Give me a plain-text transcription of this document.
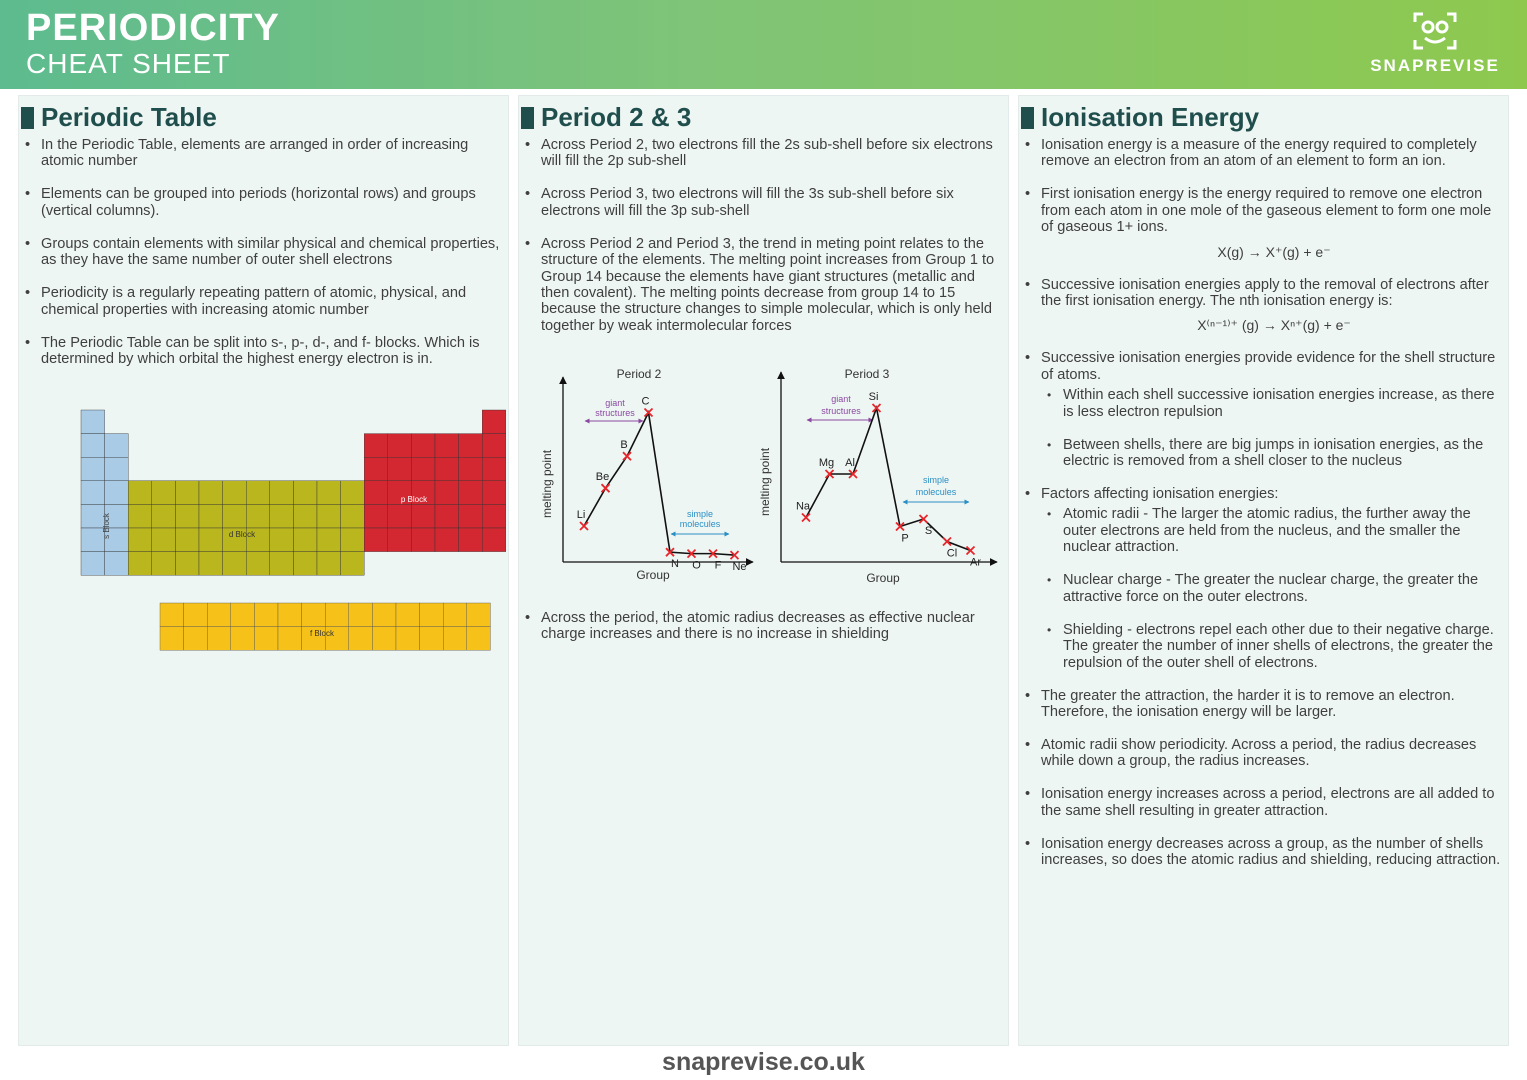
PERIODICITY
CHEAT SHEET	SNAPREVISE
Periodic Table
• In the Periodic Table, elements are arranged in order of increasing atomic number
• Elements can be grouped into periods (horizontal rows) and groups (vertical columns).
• Groups contain elements with similar physical and chemical properties, as they have the same number of outer shell electrons
• Periodicity is a regularly repeating pattern of atomic, physical, and chemical properties with increasing atomic number
• The Periodic Table can be split into s-, p-, d-, and f- blocks. Which is determined by which orbital the highest energy electron is in.
s Block	d Block
p Block
f Block
Period 2 & 3
• Across Period 2, two electrons fill the 2s sub-shell before six electrons will fill the 2p sub-shell
• Across Period 3, two electrons will fill the 3s sub-shell before six electrons will fill the 3p sub-shell
• Across Period 2 and Period 3, the trend in meting point relates to the structure of the elements. The melting point increases from Group 1 to Group 14 because the elements have giant structures (metallic and then covalent). The melting points decrease from group 14 to 15 because the structure changes to simple molecular, which is only held together by weak intermolecular forces
Period 2
melting point
Group
giant
structures
simple
molecules
Li
Be
B
C
N O F Ne
Period 3
melting point
Group
giant
structures
simple
molecules
Na
Mg Al
Si
P
S
Cl
Ar
• Across the period, the atomic radius decreases as effective nuclear charge increases and there is no increase in shielding
Ionisation Energy
• Ionisation energy is a measure of the energy required to completely remove an electron from an atom of an element to form an ion.
• First ionisation energy is the energy required to remove one electron from each atom in one mole of the gaseous element to form one mole of gaseous 1+ ions.
X(g) → X⁺(g) + e⁻
• Successive ionisation energies apply to the removal of electrons after the first ionisation energy. The nth ionisation energy is:
X⁽ⁿ⁻¹⁾⁺ (g) → Xⁿ⁺(g) + e⁻
• Successive ionisation energies provide evidence for the shell structure of atoms.
• Within each shell successive ionisation energies increase, as there is less electron repulsion
• Between shells, there are big jumps in ionisation energies, as the electric is removed from a shell closer to the nucleus
• Factors affecting ionisation energies:
• Atomic radii - The larger the atomic radius, the further away the outer electrons are held from the nucleus, and the smaller the nuclear attraction.
• Nuclear charge - The greater the nuclear charge, the greater the attractive force on the outer electrons.
• Shielding - electrons repel each other due to their negative charge. The greater the number of inner shells of electrons, the greater the repulsion of the outer shell of electrons.
• The greater the attraction, the harder it is to remove an electron. Therefore, the ionisation energy will be larger.
• Atomic radii show periodicity. Across a period, the radius decreases while down a group, the radius increases.
• Ionisation energy increases across a period, electrons are all added to the same shell resulting in greater attraction.
• Ionisation energy decreases across a group, as the number of shells increases, so does the atomic radius and shielding, reducing attraction.
snaprevise.co.uk
